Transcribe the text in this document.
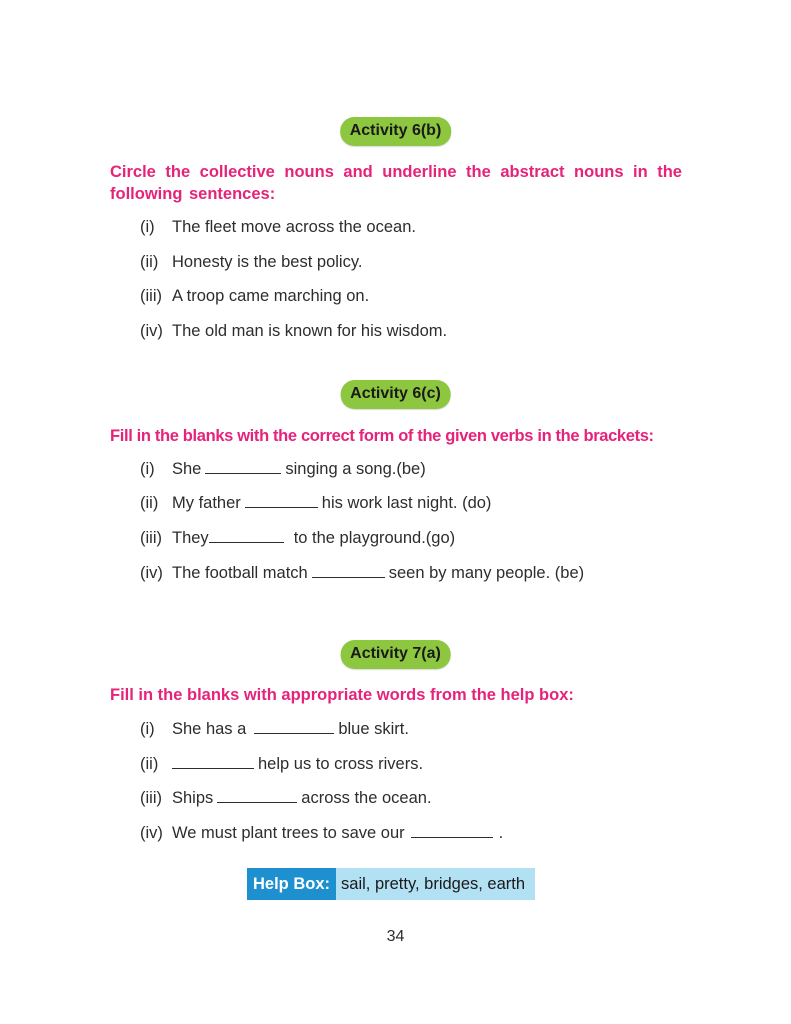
Activity 6(b)
Circle the collective nouns and underline the abstract nouns in the following sentences:
(i) The fleet move across the ocean.
(ii) Honesty is the best policy.
(iii) A troop came marching on.
(iv) The old man is known for his wisdom.
Activity 6(c)
Fill in the blanks with the correct form of the given verbs in the brackets:
(i) She	singing a song.(be)
(ii) My father	his work last night. (do)
(iii) They	to the playground.(go)
(iv) The football match	seen by many people. (be)
Activity 7(a)
Fill in the blanks with appropriate words from the help box:
(i) She has a	blue skirt.
(ii)	help us to cross rivers.
(iii) Ships	across the ocean.
(iv) We must plant trees to save our	.
Help Box: sail, pretty, bridges, earth
34
